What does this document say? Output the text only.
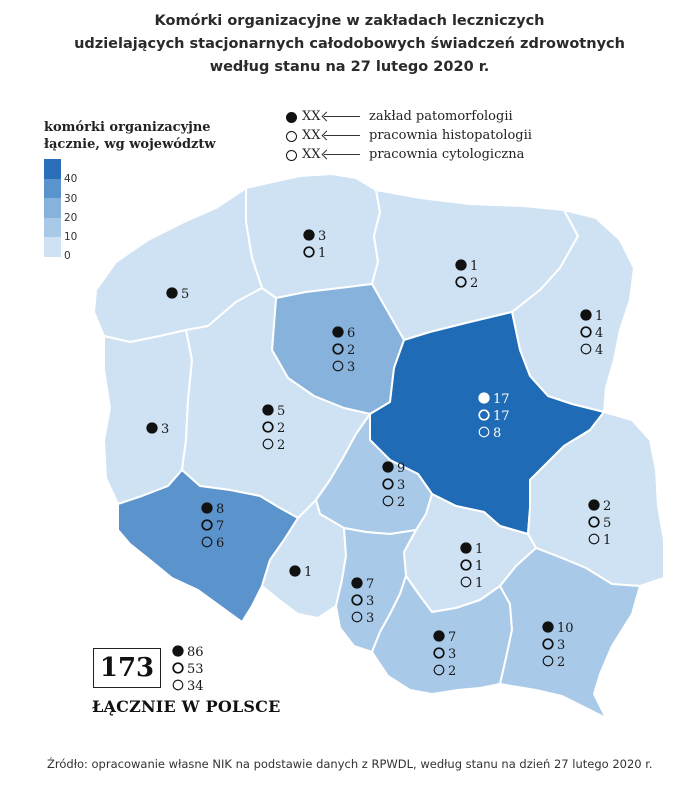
Komórki organizacyjne w zakładach leczniczych
udzielających stacjonarnych całodobowych świadczeń zdrowotnych
według stanu na 27 lutego 2020 r.
komórki organizacyjne
łącznie, wg województw
40
30
20
10
0
XX	zakład patomorfologii
XX	pracownia histopatologii
XX	pracownia cytologiczna
3
1
1
2
5
6
2
3
1
4
4
3
5
2
2
17
17
8
9
3
2
8
7
6
2
5
1
1
1
1
1
7
3
3
7
3
2
10
3
2
173
ŁĄCZNIE W POLSCE
86
53
34
Źródło: opracowanie własne NIK na podstawie danych z RPWDL, według stanu na dzień 27 lutego 2020 r.
